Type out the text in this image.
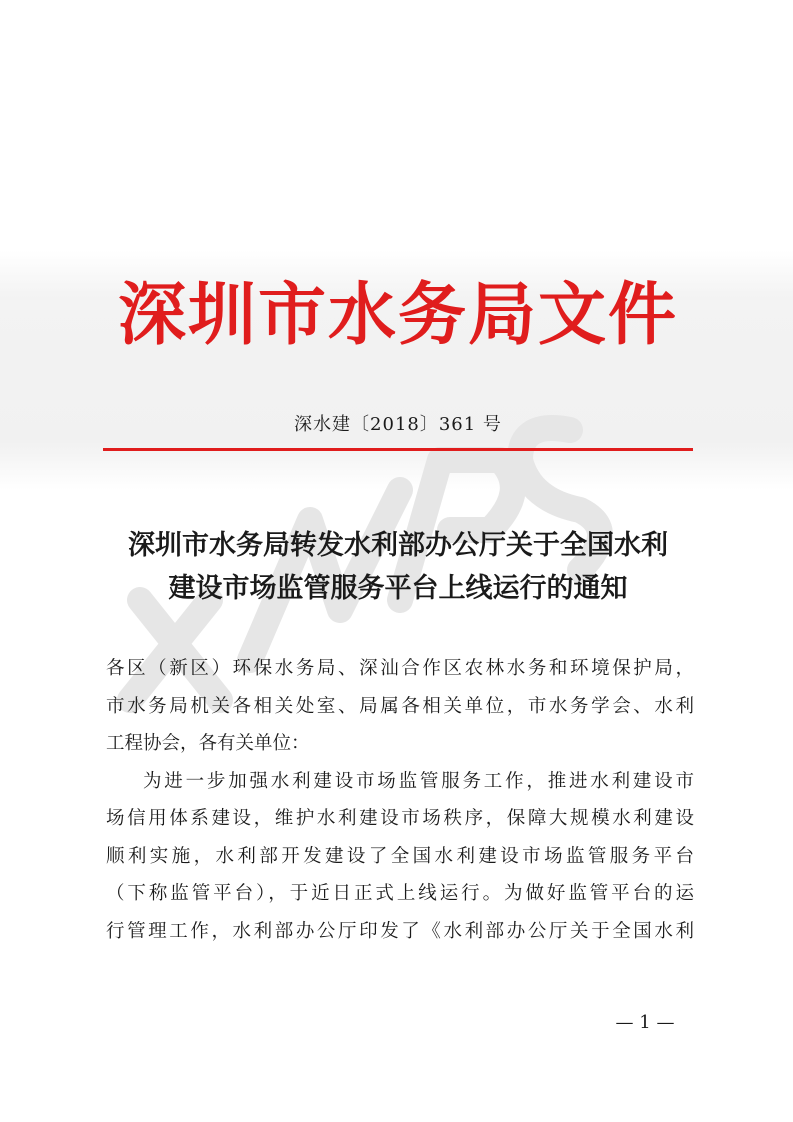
深圳市水务局文件
深水建〔2018〕361 号
深圳市水务局转发水利部办公厅关于全国水利
建设市场监管服务平台上线运行的通知
各区（新区）环保水务局、深汕合作区农林水务和环境保护局，
市水务局机关各相关处室、局属各相关单位，市水务学会、水利
工程协会，各有关单位：
为进一步加强水利建设市场监管服务工作，推进水利建设市
场信用体系建设，维护水利建设市场秩序，保障大规模水利建设
顺利实施，水利部开发建设了全国水利建设市场监管服务平台
（下称监管平台），于近日正式上线运行。为做好监管平台的运
行管理工作，水利部办公厅印发了《水利部办公厅关于全国水利
— 1 —
